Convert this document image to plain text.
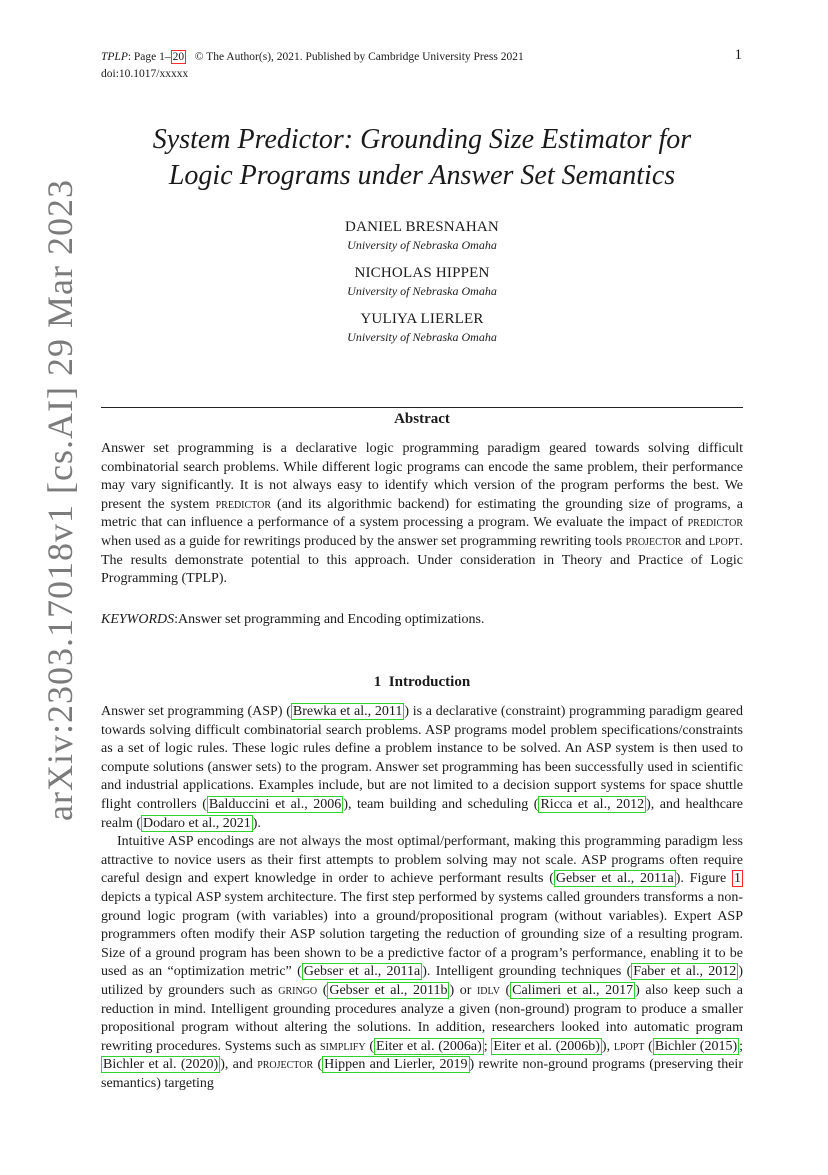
arXiv:2303.17018v1 [cs.AI] 29 Mar 2023
TPLP: Page 1– 20 © The Author(s), 2021. Published by Cambridge University Press 2021
doi:10.1017/xxxxx
1
System Predictor: Grounding Size Estimator for
Logic Programs under Answer Set Semantics
DANIEL BRESNAHAN
University of Nebraska Omaha
NICHOLAS HIPPEN
University of Nebraska Omaha
YULIYA LIERLER
University of Nebraska Omaha
Abstract
Answer set programming is a declarative logic programming paradigm geared towards solving difficult combinatorial search problems. While different logic programs can encode the same problem, their performance may vary significantly. It is not always easy to identify which version of the program performs the best. We present the system predictor (and its algorithmic backend) for estimating the grounding size of programs, a metric that can influence a performance of a system processing a program. We evaluate the impact of predictor when used as a guide for rewritings produced by the answer set programming rewriting tools projector and lpopt. The results demonstrate potential to this approach. Under consideration in Theory and Practice of Logic Programming (TPLP).
KEYWORDS:Answer set programming and Encoding optimizations.
1 Introduction

Answer set programming (ASP) ( Brewka et al., 2011 ) is a declarative (constraint) programming paradigm geared towards solving difficult combinatorial search problems. ASP programs model problem specifications/constraints as a set of logic rules. These logic rules define a problem instance to be solved. An ASP system is then used to compute solutions (answer sets) to the program. Answer set programming has been successfully used in scientific and industrial applications. Examples include, but are not limited to a decision support systems for space shuttle flight controllers ( Balduccini et al., 2006 ), team building and scheduling ( Ricca et al., 2012 ), and healthcare realm ( Dodaro et al., 2021 ).

Intuitive ASP encodings are not always the most optimal/performant, making this programming paradigm less attractive to novice users as their first attempts to problem solving may not scale. ASP programs often require careful design and expert knowledge in order to achieve performant results ( Gebser et al., 2011a ). Figure 1 depicts a typical ASP system architecture. The first step performed by systems called grounders transforms a non-ground logic program (with variables) into a ground/propositional program (without variables). Expert ASP programmers often modify their ASP solution targeting the reduction of grounding size of a resulting program. Size of a ground program has been shown to be a predictive factor of a program’s performance, enabling it to be used as an “optimization metric” ( Gebser et al., 2011a ). Intelligent grounding techniques ( Faber et al., 2012 ) utilized by grounders such as gringo ( Gebser et al., 2011b ) or idlv ( Calimeri et al., 2017 ) also keep such a reduction in mind. Intelligent grounding procedures analyze a given (non-ground) program to produce a smaller propositional program without altering the solutions. In addition, researchers looked into automatic program rewriting procedures. Systems such as simplify ( Eiter et al. (2006a) ; Eiter et al. (2006b) ), lpopt ( Bichler (2015) ; Bichler et al. (2020) ), and projector ( Hippen and Lierler, 2019 ) rewrite non-ground programs (preserving their semantics) targeting
